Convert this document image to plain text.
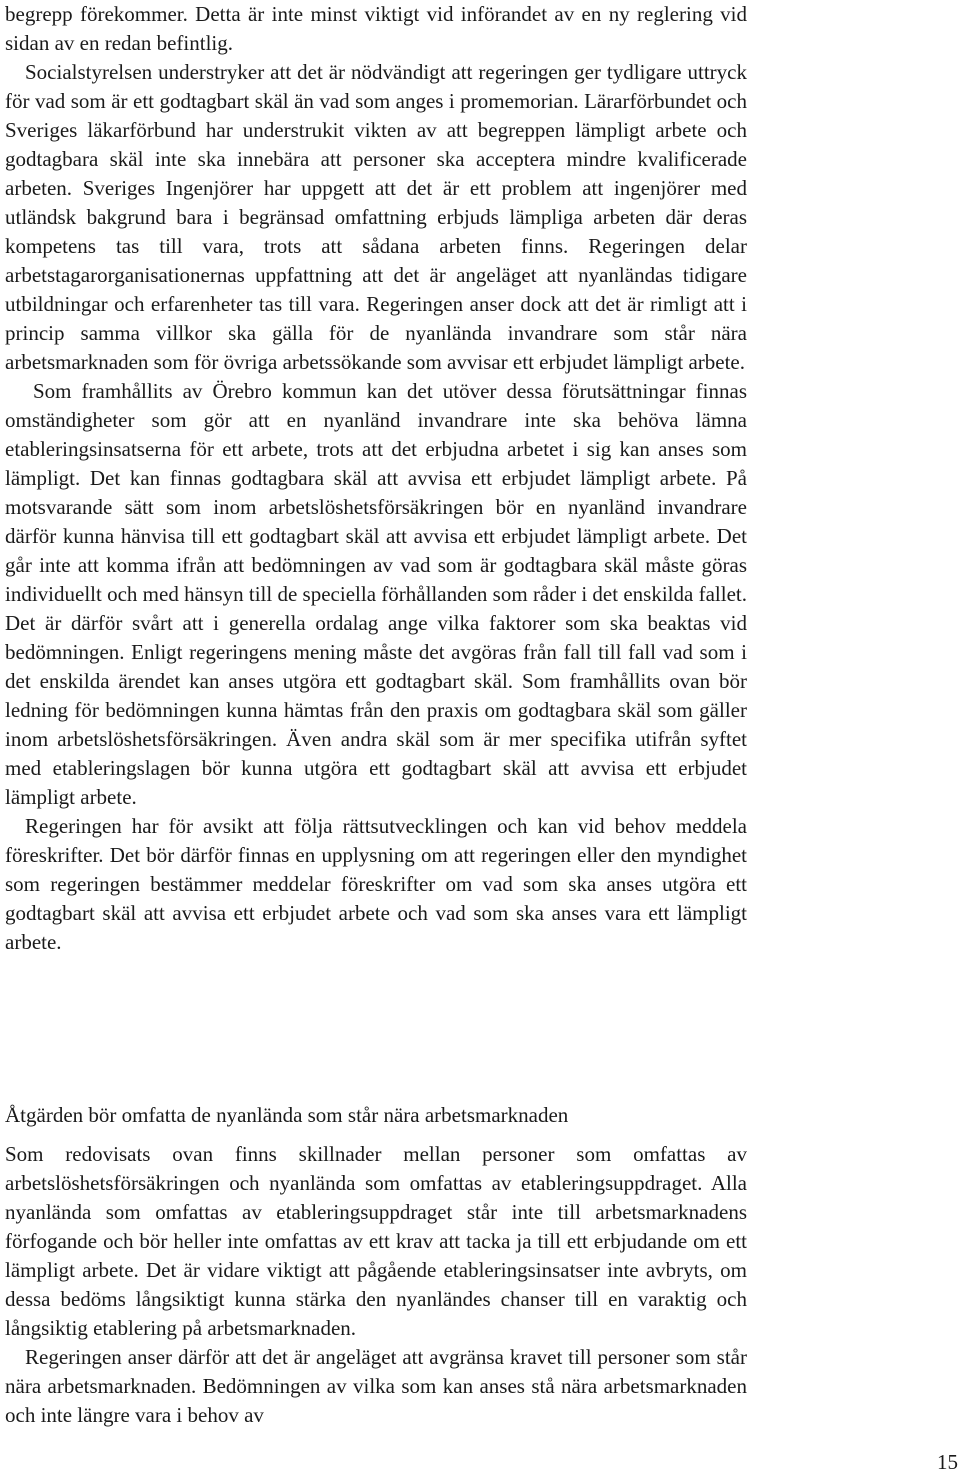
begrepp förekommer. Detta är inte minst viktigt vid införandet av en ny reglering vid sidan av en redan befintlig.

Socialstyrelsen understryker att det är nödvändigt att regeringen ger tydligare uttryck för vad som är ett godtagbart skäl än vad som anges i promemorian. Lärarförbundet och Sveriges läkarförbund har understrukit vikten av att begreppen lämpligt arbete och godtagbara skäl inte ska innebära att personer ska acceptera mindre kvalificerade arbeten. Sveriges Ingenjörer har uppgett att det är ett problem att ingenjörer med utländsk bakgrund bara i begränsad omfattning erbjuds lämpliga arbeten där deras kompetens tas till vara, trots att sådana arbeten finns. Regeringen delar arbetstagarorganisationernas uppfattning att det är angeläget att nyanländas tidigare utbildningar och erfarenheter tas till vara. Regeringen anser dock att det är rimligt att i princip samma villkor ska gälla för de nyanlända invandrare som står nära arbetsmarknaden som för övriga arbetssökande som avvisar ett erbjudet lämpligt arbete.

Som framhållits av Örebro kommun kan det utöver dessa förutsättningar finnas omständigheter som gör att en nyanländ invandrare inte ska behöva lämna etableringsinsatserna för ett arbete, trots att det erbjudna arbetet i sig kan anses som lämpligt. Det kan finnas godtagbara skäl att avvisa ett erbjudet lämpligt arbete. På motsvarande sätt som inom arbetslöshetsförsäkringen bör en nyanländ invandrare därför kunna hänvisa till ett godtagbart skäl att avvisa ett erbjudet lämpligt arbete. Det går inte att komma ifrån att bedömningen av vad som är godtagbara skäl måste göras individuellt och med hänsyn till de speciella förhållanden som råder i det enskilda fallet. Det är därför svårt att i generella ordalag ange vilka faktorer som ska beaktas vid bedömningen. Enligt regeringens mening måste det avgöras från fall till fall vad som i det enskilda ärendet kan anses utgöra ett godtagbart skäl. Som framhållits ovan bör ledning för bedömningen kunna hämtas från den praxis om godtagbara skäl som gäller inom arbetslöshetsförsäkringen. Även andra skäl som är mer specifika utifrån syftet med etableringslagen bör kunna utgöra ett godtagbart skäl att avvisa ett erbjudet lämpligt arbete.

Regeringen har för avsikt att följa rättsutvecklingen och kan vid behov meddela föreskrifter. Det bör därför finnas en upplysning om att regeringen eller den myndighet som regeringen bestämmer meddelar föreskrifter om vad som ska anses utgöra ett godtagbart skäl att avvisa ett erbjudet arbete och vad som ska anses vara ett lämpligt arbete.

Åtgärden bör omfatta de nyanlända som står nära arbetsmarknaden

Som redovisats ovan finns skillnader mellan personer som omfattas av arbetslöshetsförsäkringen och nyanlända som omfattas av etableringsuppdraget. Alla nyanlända som omfattas av etableringsuppdraget står inte till arbetsmarknadens förfogande och bör heller inte omfattas av ett krav att tacka ja till ett erbjudande om ett lämpligt arbete. Det är vidare viktigt att pågående etableringsinsatser inte avbryts, om dessa bedöms långsiktigt kunna stärka den nyanländes chanser till en varaktig och långsiktig etablering på arbetsmarknaden.

Regeringen anser därför att det är angeläget att avgränsa kravet till personer som står nära arbetsmarknaden. Bedömningen av vilka som kan anses stå nära arbetsmarknaden och inte längre vara i behov av

15
